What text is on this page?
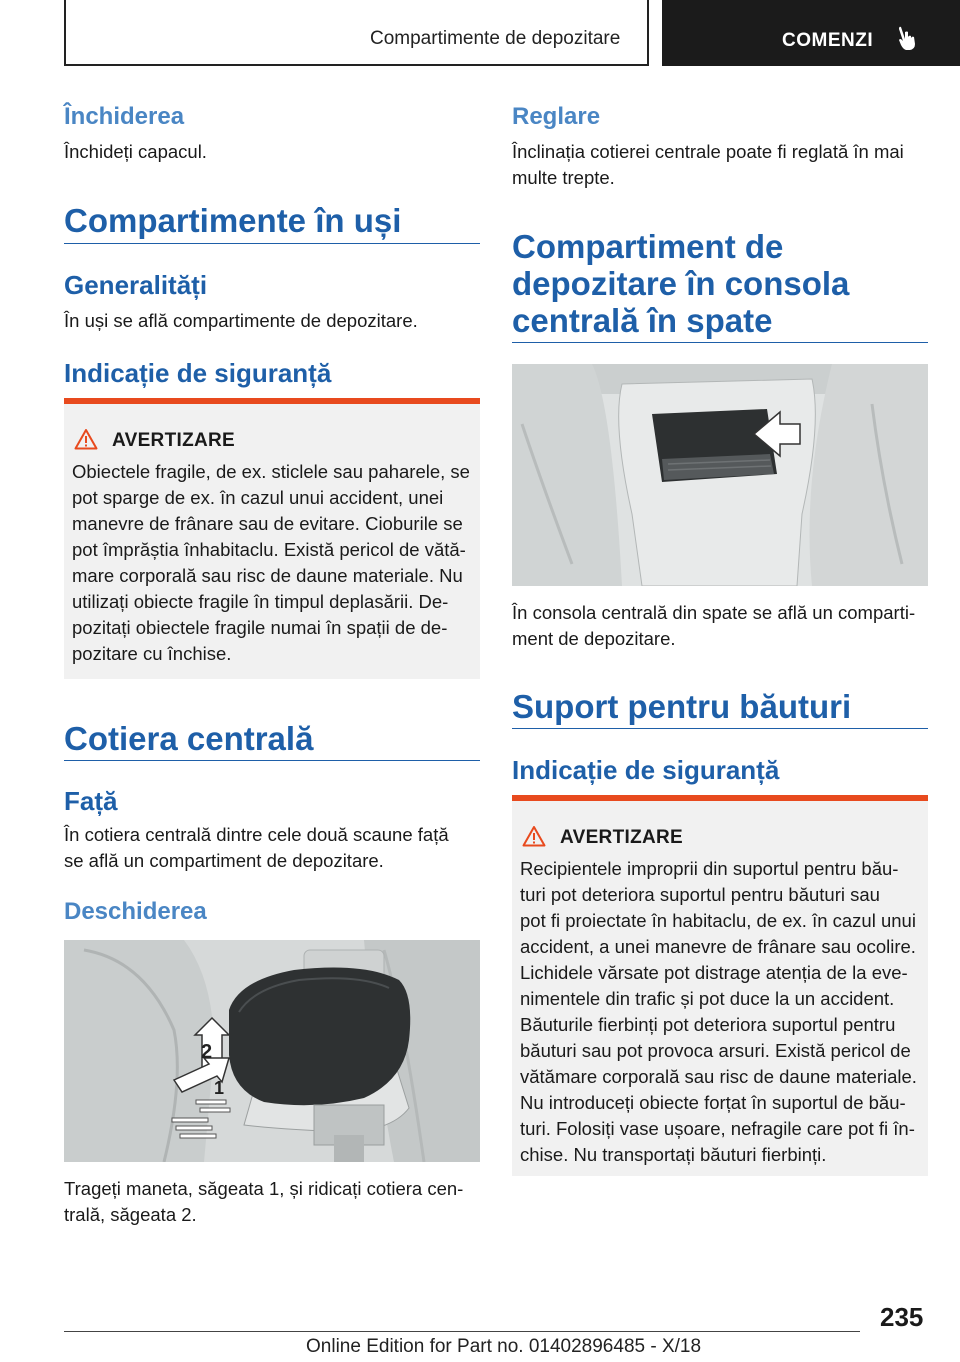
Compartimente de depozitare	COMENZI
Închiderea
Închideți capacul.
Compartimente în uși
Generalități
În uși se află compartimente de depozitare.
Indicație de siguranță
AVERTIZARE
Obiectele fragile, de ex. sticlele sau paharele, se
pot sparge de ex. în cazul unui accident, unei
manevre de frânare sau de evitare. Cioburile se
pot împrăștia înhabitaclu. Există pericol de vătă-
mare corporală sau risc de daune materiale. Nu
utilizați obiecte fragile în timpul deplasării. De-
pozitați obiectele fragile numai în spații de de-
pozitare cu închise.
Cotiera centrală
Față
În cotiera centrală dintre cele două scaune față
se află un compartiment de depozitare.
Deschiderea
2
1
Trageți maneta, săgeata 1, și ridicați cotiera cen-
trală, săgeata 2.
Reglare
Înclinația cotierei centrale poate fi reglată în mai
multe trepte.
Compartiment de
depozitare în consola
centrală în spate
În consola centrală din spate se află un comparti-
ment de depozitare.
Suport pentru băuturi
Indicație de siguranță
AVERTIZARE
Recipientele improprii din suportul pentru bău-
turi pot deteriora suportul pentru băuturi sau
pot fi proiectate în habitaclu, de ex. în cazul unui
accident, a unei manevre de frânare sau ocolire.
Lichidele vărsate pot distrage atenția de la eve-
nimentele din trafic și pot duce la un accident.
Băuturile fierbinți pot deteriora suportul pentru
băuturi sau pot provoca arsuri. Există pericol de
vătămare corporală sau risc de daune materiale.
Nu introduceți obiecte forțat în suportul de bău-
turi. Folosiți vase ușoare, nefragile care pot fi în-
chise. Nu transportați băuturi fierbinți.
235
Online Edition for Part no. 01402896485 - X/18
